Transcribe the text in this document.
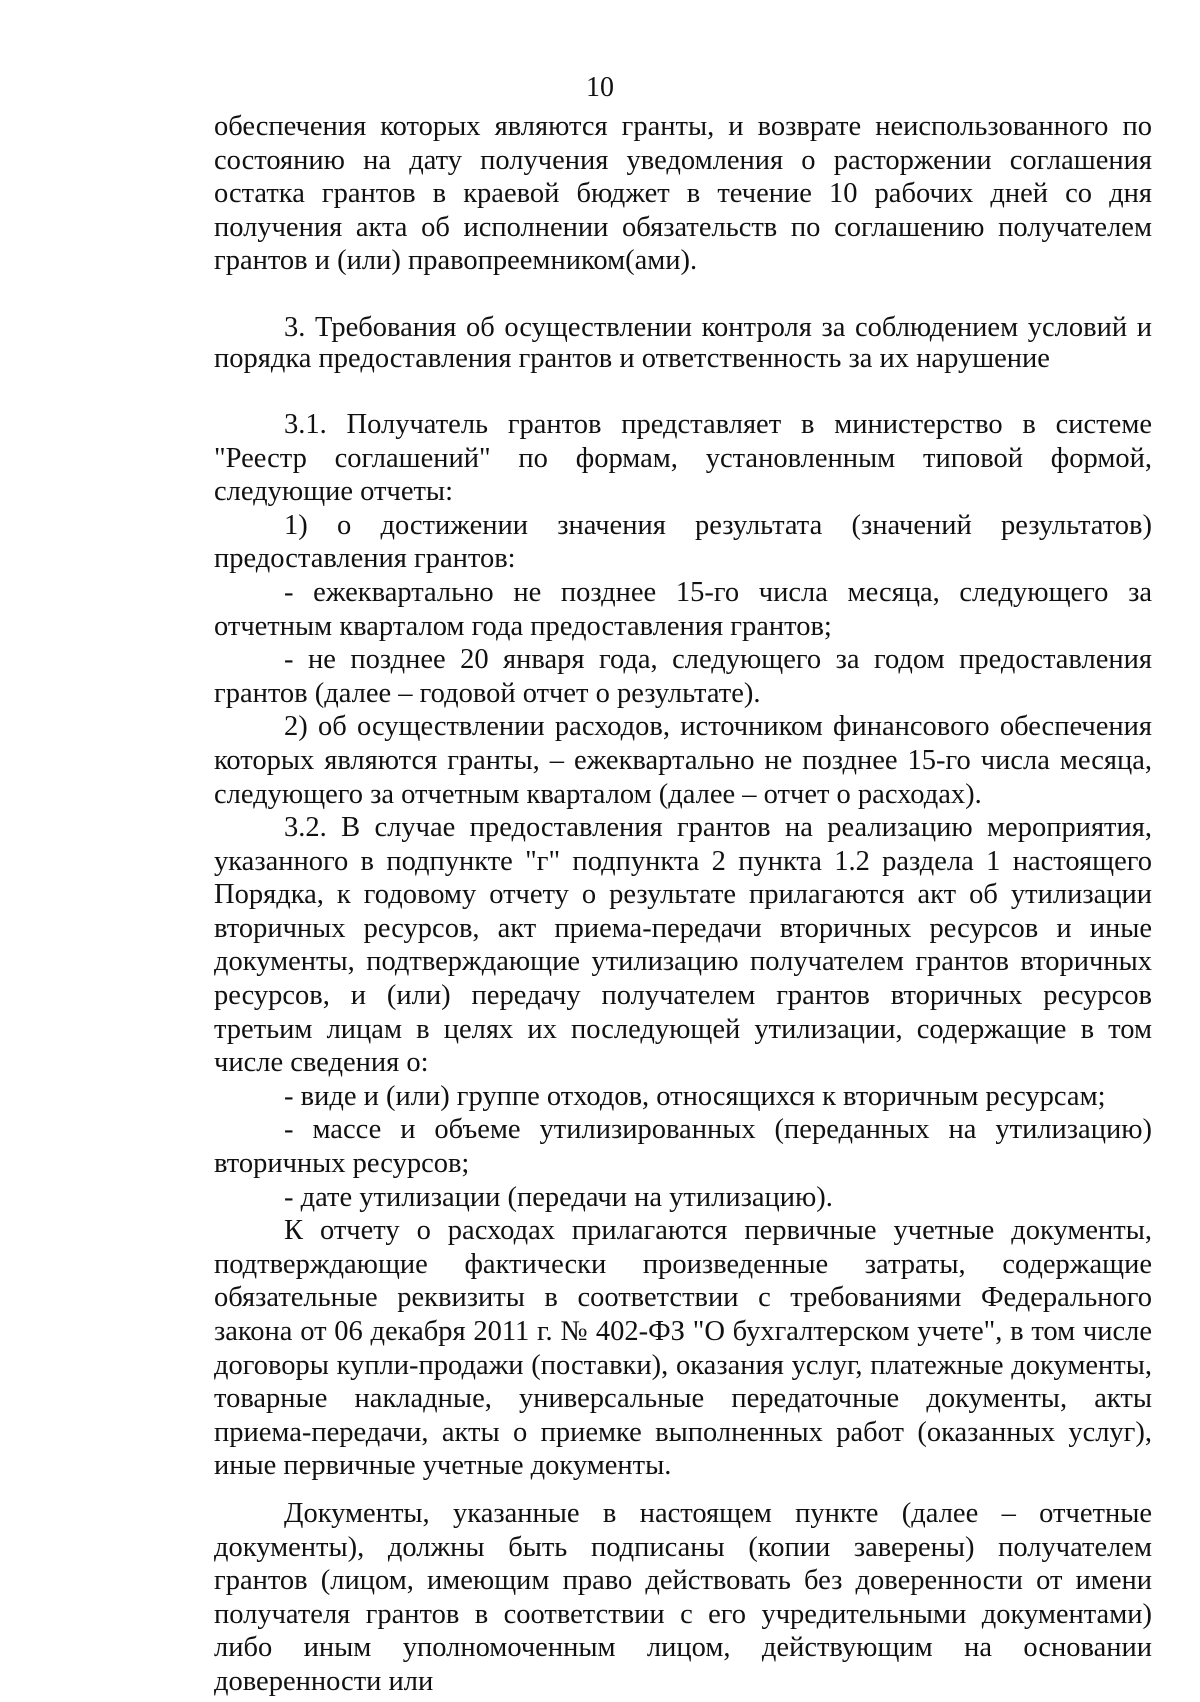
10

обеспечения которых являются гранты, и возврате неиспользованного по состоянию на дату получения уведомления о расторжении соглашения остатка грантов в краевой бюджет в течение 10 рабочих дней со дня получения акта об исполнении обязательств по соглашению получателем грантов и (или) правопреемником(ами).

3. Требования об осуществлении контроля за соблюдением условий и порядка предоставления грантов и ответственность за их нарушение

3.1. Получатель грантов представляет в министерство в системе "Реестр соглашений" по формам, установленным типовой формой, следующие отчеты:

1) о достижении значения результата (значений результатов) предоставления грантов:

- ежеквартально не позднее 15-го числа месяца, следующего за отчетным кварталом года предоставления грантов;

- не позднее 20 января года, следующего за годом предоставления грантов (далее – годовой отчет о результате).

2) об осуществлении расходов, источником финансового обеспечения которых являются гранты, – ежеквартально не позднее 15-го числа месяца, следующего за отчетным кварталом (далее – отчет о расходах).

3.2. В случае предоставления грантов на реализацию мероприятия, указанного в подпункте "г" подпункта 2 пункта 1.2 раздела 1 настоящего Порядка, к годовому отчету о результате прилагаются акт об утилизации вторичных ресурсов, акт приема-передачи вторичных ресурсов и иные документы, подтверждающие утилизацию получателем грантов вторичных ресурсов, и (или) передачу получателем грантов вторичных ресурсов третьим лицам в целях их последующей утилизации, содержащие в том числе сведения о:

- виде и (или) группе отходов, относящихся к вторичным ресурсам;

- массе и объеме утилизированных (переданных на утилизацию) вторичных ресурсов;

- дате утилизации (передачи на утилизацию).

К отчету о расходах прилагаются первичные учетные документы, подтверждающие фактически произведенные затраты, содержащие обязательные реквизиты в соответствии с требованиями Федерального закона от 06 декабря 2011 г. № 402-ФЗ "О бухгалтерском учете", в том числе договоры купли-продажи (поставки), оказания услуг, платежные документы, товарные накладные, универсальные передаточные документы, акты приема-передачи, акты о приемке выполненных работ (оказанных услуг), иные первичные учетные документы.

Документы, указанные в настоящем пункте (далее – отчетные документы), должны быть подписаны (копии заверены) получателем грантов (лицом, имеющим право действовать без доверенности от имени получателя грантов в соответствии с его учредительными документами) либо иным уполномоченным лицом, действующим на основании доверенности или
